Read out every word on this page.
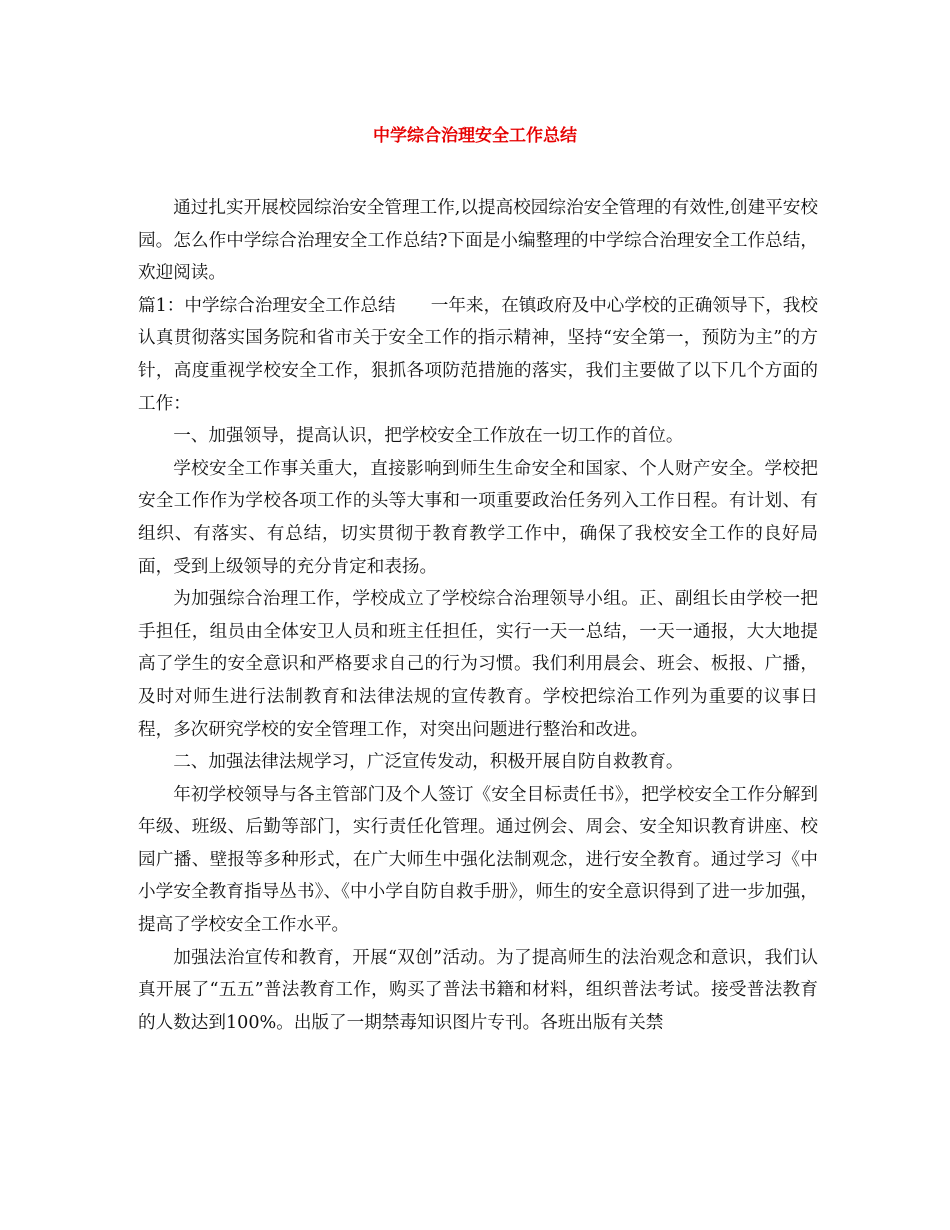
中学综合治理安全工作总结

通过扎实开展校园综治安全管理工作,以提高校园综治安全管理的有效性,创建平安校园。怎么作中学综合治理安全工作总结?下面是小编整理的中学综合治理安全工作总结，欢迎阅读。

篇1：中学综合治理安全工作总结　　一年来，在镇政府及中心学校的正确领导下，我校认真贯彻落实国务院和省市关于安全工作的指示精神，坚持“安全第一，预防为主”的方针，高度重视学校安全工作，狠抓各项防范措施的落实，我们主要做了以下几个方面的工作：

一、加强领导，提高认识，把学校安全工作放在一切工作的首位。

学校安全工作事关重大，直接影响到师生生命安全和国家、个人财产安全。学校把安全工作作为学校各项工作的头等大事和一项重要政治任务列入工作日程。有计划、有组织、有落实、有总结，切实贯彻于教育教学工作中，确保了我校安全工作的良好局面，受到上级领导的充分肯定和表扬。

为加强综合治理工作，学校成立了学校综合治理领导小组。正、副组长由学校一把手担任，组员由全体安卫人员和班主任担任，实行一天一总结，一天一通报，大大地提高了学生的安全意识和严格要求自己的行为习惯。我们利用晨会、班会、板报、广播，及时对师生进行法制教育和法律法规的宣传教育。学校把综治工作列为重要的议事日程，多次研究学校的安全管理工作，对突出问题进行整治和改进。

二、加强法律法规学习，广泛宣传发动，积极开展自防自救教育。

年初学校领导与各主管部门及个人签订《安全目标责任书》，把学校安全工作分解到年级、班级、后勤等部门，实行责任化管理。通过例会、周会、安全知识教育讲座、校园广播、壁报等多种形式，在广大师生中强化法制观念，进行安全教育。通过学习《中小学安全教育指导丛书》、《中小学自防自救手册》，师生的安全意识得到了进一步加强，提高了学校安全工作水平。

加强法治宣传和教育，开展“双创”活动。为了提高师生的法治观念和意识，我们认真开展了“五五”普法教育工作，购买了普法书籍和材料，组织普法考试。接受普法教育的人数达到100%。出版了一期禁毒知识图片专刊。各班出版有关禁
